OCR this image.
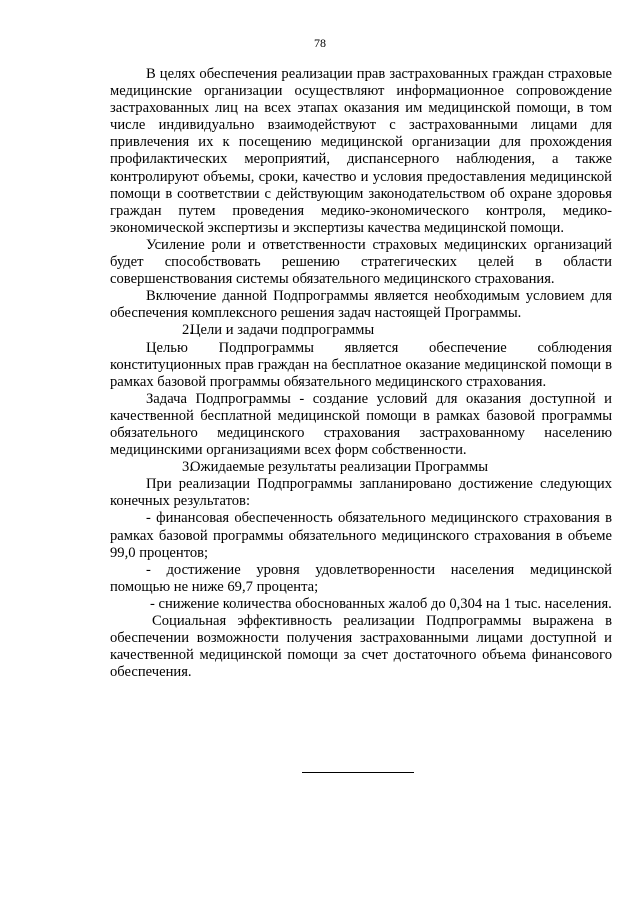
78

В целях обеспечения реализации прав застрахованных граждан страховые медицинские организации осуществляют информационное сопровождение застрахованных лиц на всех этапах оказания им медицинской помощи, в том числе индивидуально взаимодействуют с застрахованными лицами для привлечения их к посещению медицинской организации для прохождения профилактических мероприятий, диспансерного наблюдения, а также контролируют объемы, сроки, качество и условия предоставления медицинской помощи в соответствии с действующим законодательством об охране здоровья граждан путем проведения медико-экономического контроля, медико-экономической экспертизы и экспертизы качества медицинской помощи.

Усиление роли и ответственности страховых медицинских организаций будет способствовать решению стратегических целей в области совершенствования системы обязательного медицинского страхования.

Включение данной Подпрограммы является необходимым условием для обеспечения комплексного решения задач настоящей Программы.

2.Цели и задачи подпрограммы

Целью Подпрограммы является обеспечение соблюдения конституционных прав граждан на бесплатное оказание медицинской помощи в рамках базовой программы обязательного медицинского страхования.

Задача Подпрограммы - создание условий для оказания доступной и качественной бесплатной медицинской помощи в рамках базовой программы обязательного медицинского страхования застрахованному населению медицинскими организациями всех форм собственности.

3.Ожидаемые результаты реализации Программы

При реализации Подпрограммы запланировано достижение следующих конечных результатов:

- финансовая обеспеченность обязательного медицинского страхования в рамках базовой программы обязательного медицинского страхования в объеме 99,0 процентов;

- достижение уровня удовлетворенности населения медицинской помощью не ниже 69,7 процента;

- снижение количества обоснованных жалоб до 0,304 на 1 тыс. населения.

Социальная эффективность реализации Подпрограммы выражена в обеспечении возможности получения застрахованными лицами доступной и качественной медицинской помощи за счет достаточного объема финансового обеспечения.
